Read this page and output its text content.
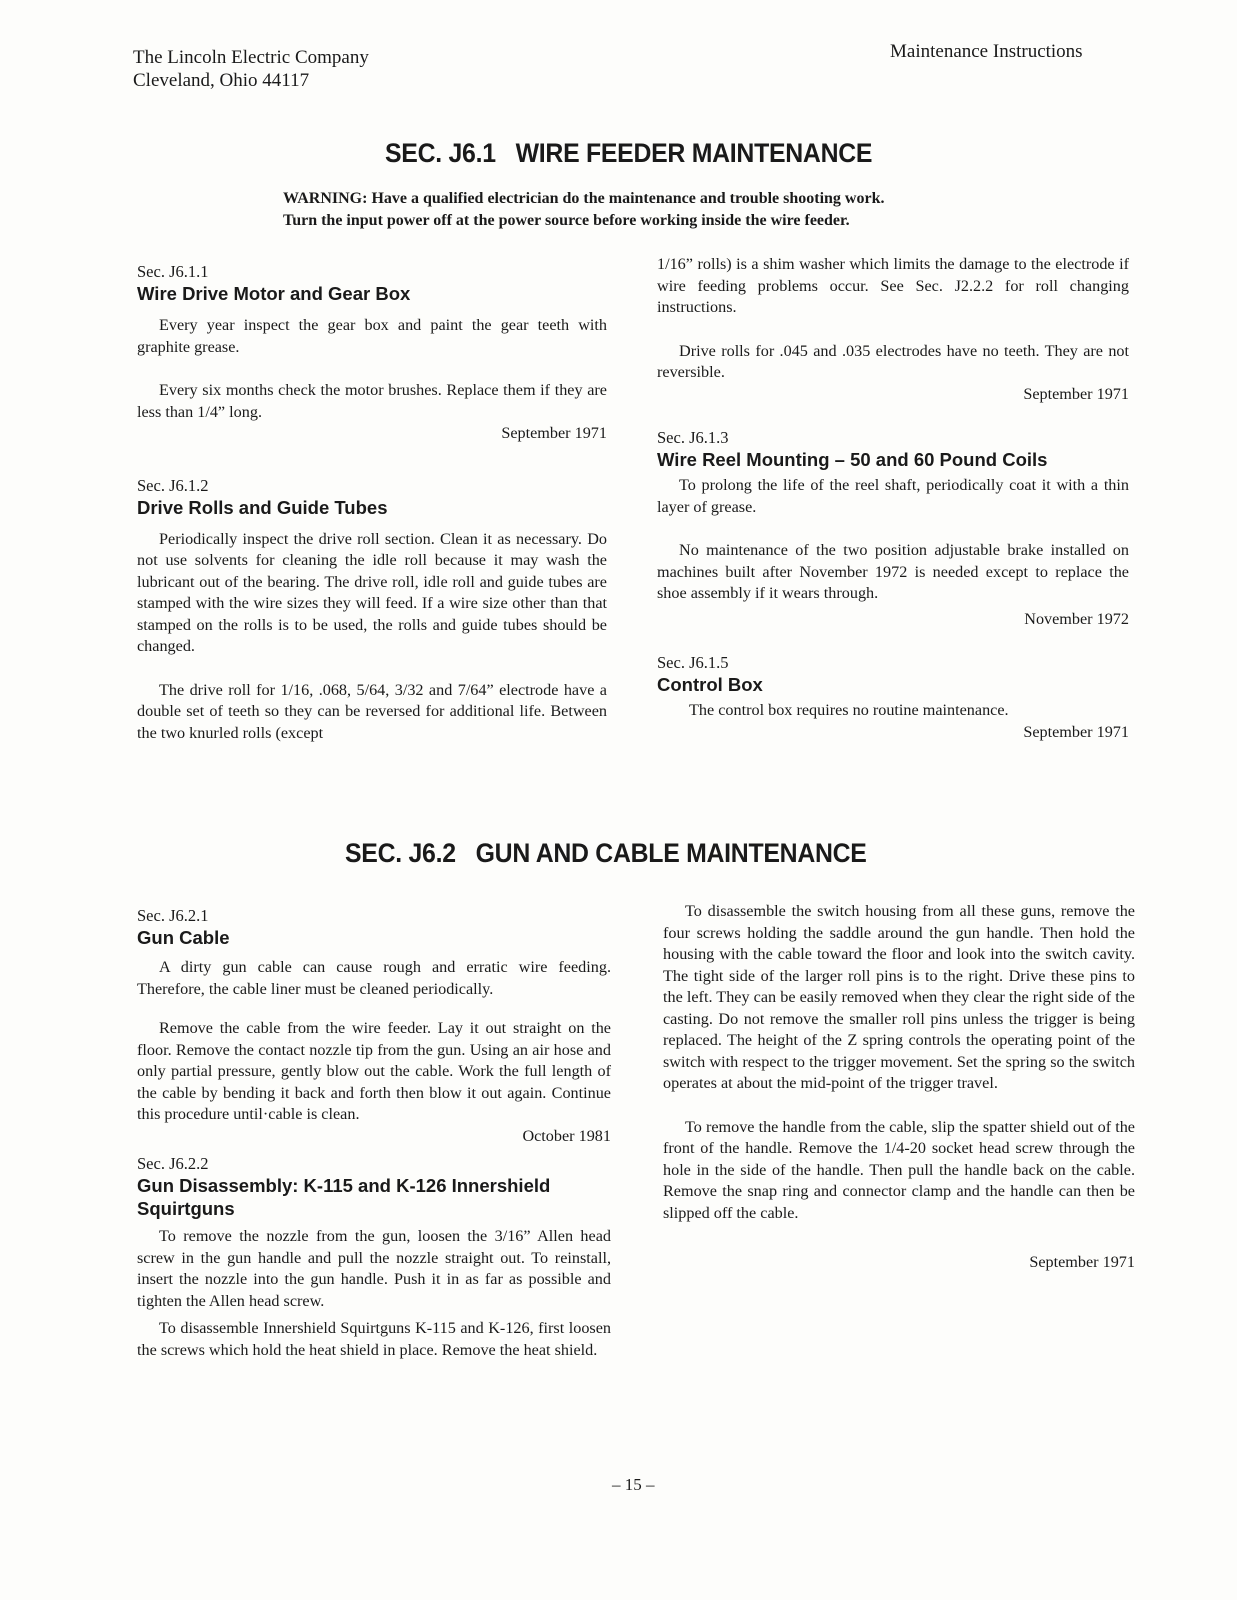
The Lincoln Electric Company
Cleveland, Ohio 44117
Maintenance Instructions
SEC. J6.1   WIRE FEEDER MAINTENANCE
WARNING: Have a qualified electrician do the maintenance and trouble shooting work.
Turn the input power off at the power source before working inside the wire feeder.
Sec. J6.1.1
Wire Drive Motor and Gear Box

Every year inspect the gear box and paint the gear teeth with graphite grease.

Every six months check the motor brushes. Replace them if they are less than 1/4” long.

September 1971
Sec. J6.1.2
Drive Rolls and Guide Tubes

Periodically inspect the drive roll section. Clean it as necessary. Do not use solvents for cleaning the idle roll because it may wash the lubricant out of the bearing. The drive roll, idle roll and guide tubes are stamped with the wire sizes they will feed. If a wire size other than that stamped on the rolls is to be used, the rolls and guide tubes should be changed.

The drive roll for 1/16, .068, 5/64, 3/32 and 7/64” electrode have a double set of teeth so they can be reversed for additional life. Between the two knurled rolls (except

1/16” rolls) is a shim washer which limits the damage to the electrode if wire feeding problems occur. See Sec. J2.2.2 for roll changing instructions.

Drive rolls for .045 and .035 electrodes have no teeth. They are not reversible.

September 1971
Sec. J6.1.3
Wire Reel Mounting – 50 and 60 Pound Coils

To prolong the life of the reel shaft, periodically coat it with a thin layer of grease.

No maintenance of the two position adjustable brake installed on machines built after November 1972 is needed except to replace the shoe assembly if it wears through.

November 1972
Sec. J6.1.5
Control Box

The control box requires no routine maintenance.

September 1971
SEC. J6.2   GUN AND CABLE MAINTENANCE
Sec. J6.2.1
Gun Cable

A dirty gun cable can cause rough and erratic wire feeding. Therefore, the cable liner must be cleaned periodically.

Remove the cable from the wire feeder. Lay it out straight on the floor. Remove the contact nozzle tip from the gun. Using an air hose and only partial pressure, gently blow out the cable. Work the full length of the cable by bending it back and forth then blow it out again. Continue this procedure until·cable is clean.

October 1981
Sec. J6.2.2
Gun Disassembly: K-115 and K-126 Innershield Squirtguns

To remove the nozzle from the gun, loosen the 3/16” Allen head screw in the gun handle and pull the nozzle straight out. To reinstall, insert the nozzle into the gun handle. Push it in as far as possible and tighten the Allen head screw.

To disassemble Innershield Squirtguns K-115 and K-126, first loosen the screws which hold the heat shield in place. Remove the heat shield.

To disassemble the switch housing from all these guns, remove the four screws holding the saddle around the gun handle. Then hold the housing with the cable toward the floor and look into the switch cavity. The tight side of the larger roll pins is to the right. Drive these pins to the left. They can be easily removed when they clear the right side of the casting. Do not remove the smaller roll pins unless the trigger is being replaced. The height of the Z spring controls the operating point of the switch with respect to the trigger movement. Set the spring so the switch operates at about the mid-point of the trigger travel.

To remove the handle from the cable, slip the spatter shield out of the front of the handle. Remove the 1/4-20 socket head screw through the hole in the side of the handle. Then pull the handle back on the cable. Remove the snap ring and connector clamp and the handle can then be slipped off the cable.

September 1971
– 15 –
